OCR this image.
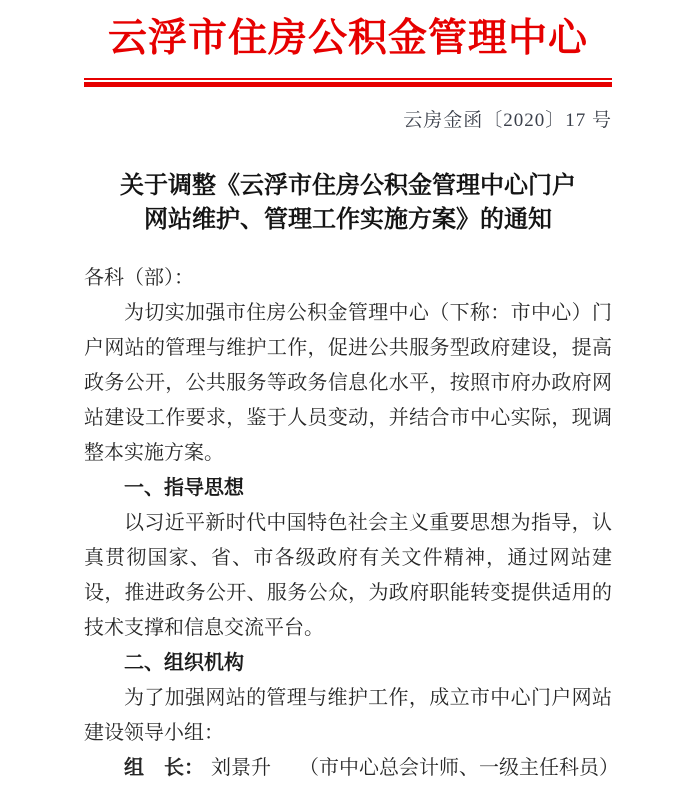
云浮市住房公积金管理中心
云房金函〔2020〕17 号
关于调整《云浮市住房公积金管理中心门户
网站维护、管理工作实施方案》的通知
各科（部）：

为切实加强市住房公积金管理中心（下称：市中心）门户网站的管理与维护工作，促进公共服务型政府建设，提高政务公开，公共服务等政务信息化水平，按照市府办政府网站建设工作要求，鉴于人员变动，并结合市中心实际，现调整本实施方案。

一、指导思想

以习近平新时代中国特色社会主义重要思想为指导，认真贯彻国家、省、市各级政府有关文件精神，通过网站建设，推进政务公开、服务公众，为政府职能转变提供适用的技术支撑和信息交流平台。

二、组织机构

为了加强网站的管理与维护工作，成立市中心门户网站建设领导小组：

组　长： 刘景升 （市中心总会计师、一级主任科员）
